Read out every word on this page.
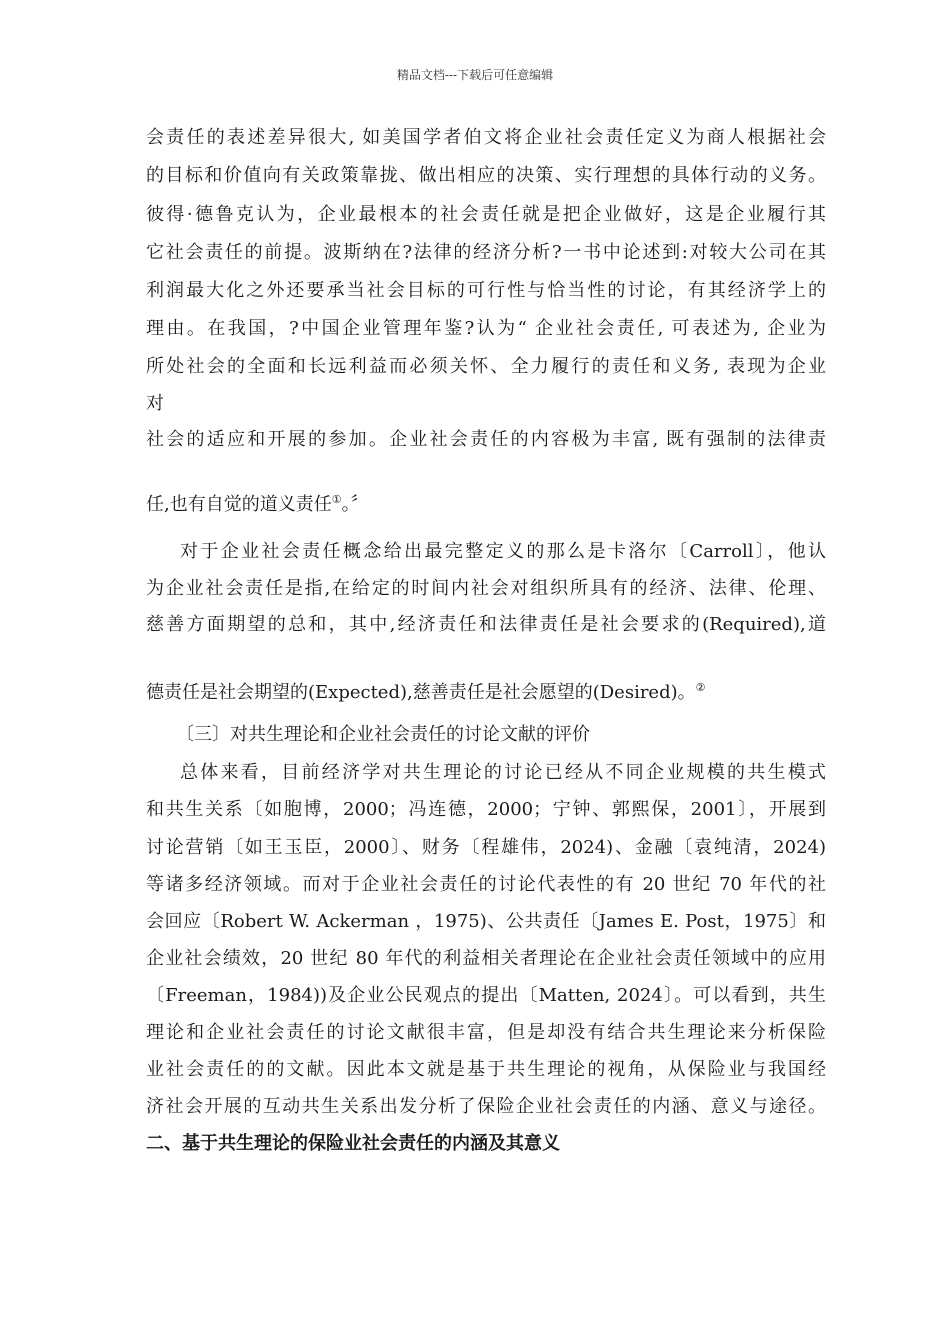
精品文档---下载后可任意编辑
会责任的表述差异很大, 如美国学者伯文将企业社会责任定义为商人根据社会
的目标和价值向有关政策靠拢、做出相应的决策、实行理想的具体行动的义务。
彼得·德鲁克认为，企业最根本的社会责任就是把企业做好，这是企业履行其
它社会责任的前提。波斯纳在?法律的经济分析?一书中论述到:对较大公司在其
利润最大化之外还要承当社会目标的可行性与恰当性的讨论，有其经济学上的
理由。在我国，?中国企业管理年鉴?认为“ 企业社会责任, 可表述为, 企业为
所处社会的全面和长远利益而必须关怀、全力履行的责任和义务, 表现为企业
对
社会的适应和开展的参加。企业社会责任的内容极为丰富, 既有强制的法律责
任,也有自觉的道义责任①。〞
对于企业社会责任概念给出最完整定义的那么是卡洛尔〔Carroll〕，他认
为企业社会责任是指,在给定的时间内社会对组织所具有的经济、法律、伦理、
慈善方面期望的总和，其中,经济责任和法律责任是社会要求的(Required),道
德责任是社会期望的(Expected),慈善责任是社会愿望的(Desired)。②
〔三〕对共生理论和企业社会责任的讨论文献的评价
总体来看，目前经济学对共生理论的讨论已经从不同企业规模的共生模式
和共生关系〔如胞博，2000；冯连德，2000；宁钟、郭熙保，2001〕，开展到
讨论营销〔如王玉臣，2000〕、财务〔程雄伟，2024)、金融〔袁纯清，2024)
等诸多经济领域。而对于企业社会责任的讨论代表性的有 20 世纪 70 年代的社
会回应〔Robert W. Ackerman ，1975)、公共责任〔James E. Post，1975〕和
企业社会绩效，20 世纪 80 年代的利益相关者理论在企业社会责任领域中的应用
〔Freeman，1984))及企业公民观点的提出〔Matten, 2024〕。可以看到，共生
理论和企业社会责任的讨论文献很丰富，但是却没有结合共生理论来分析保险
业社会责任的的文献。因此本文就是基于共生理论的视角，从保险业与我国经
济社会开展的互动共生关系出发分析了保险企业社会责任的内涵、意义与途径。
二、基于共生理论的保险业社会责任的内涵及其意义
